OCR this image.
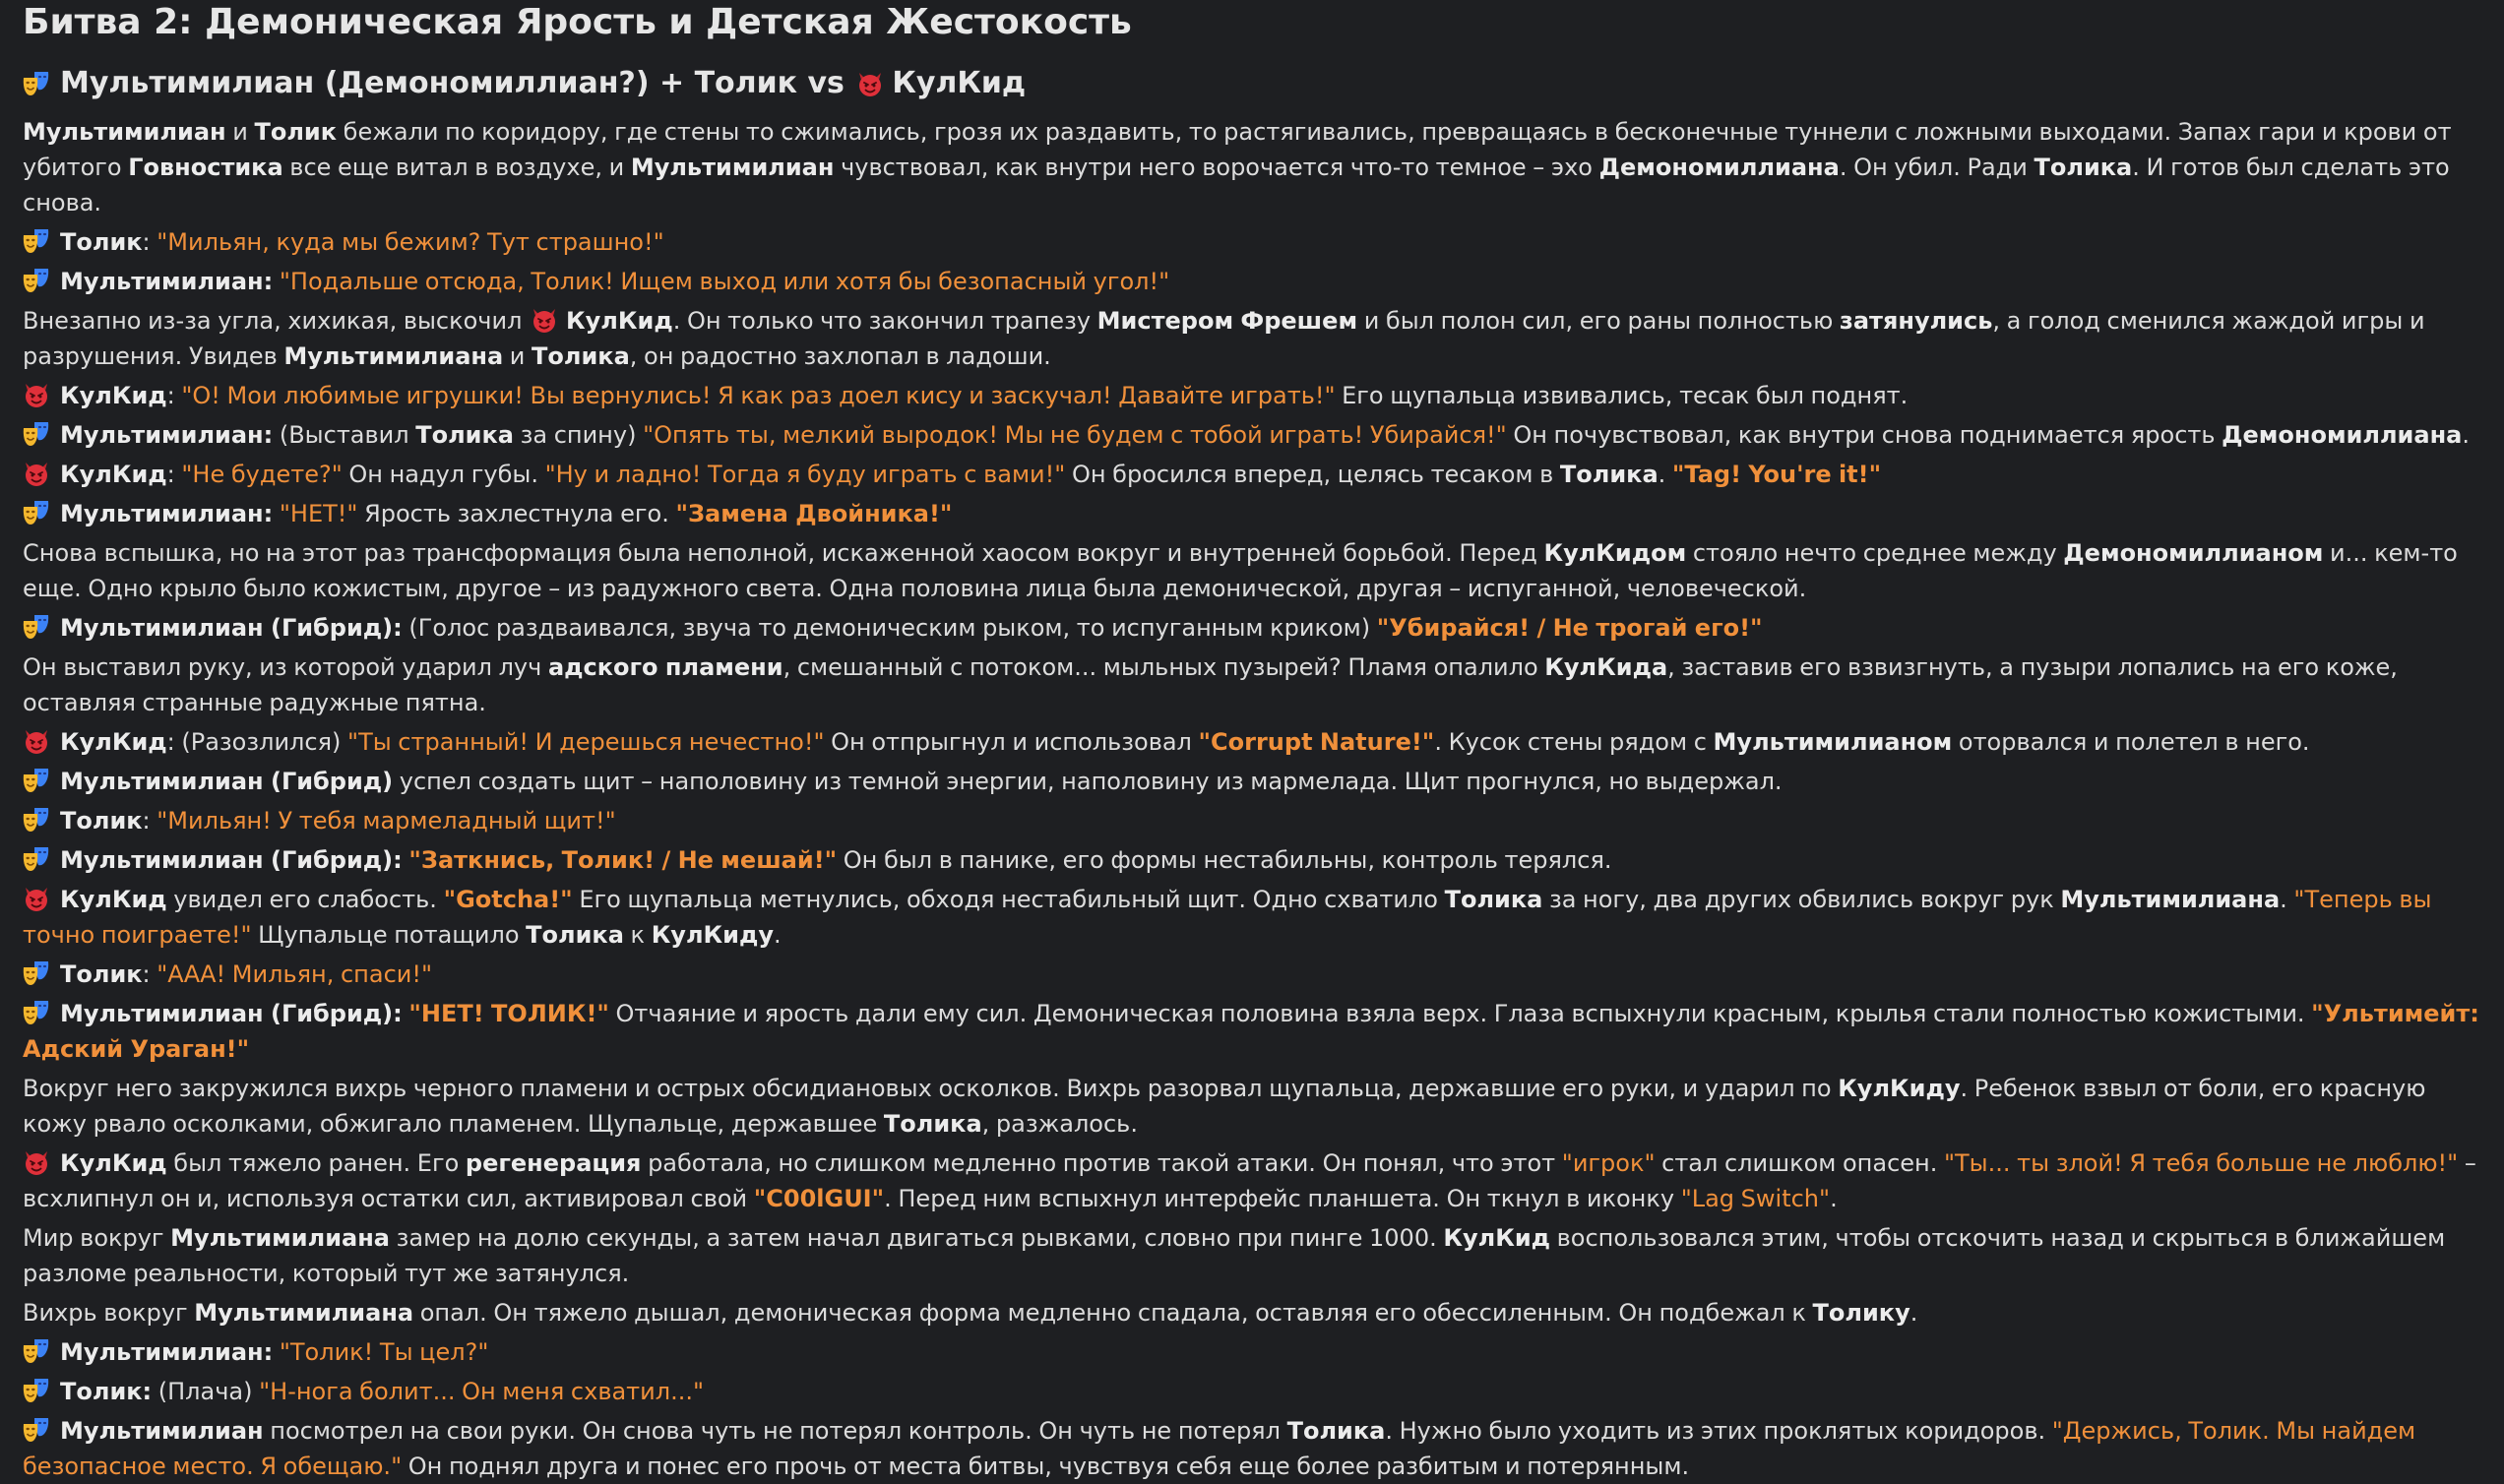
Битва 2: Демоническая Ярость и Детская Жестокость
Мультимилиан (Демономиллиан?) + Толик vs КулКид
Мультимилиан и Толик бежали по коридору, где стены то сжимались, грозя их раздавить, то растягивались, превращаясь в бесконечные туннели с ложными выходами. Запах гари и крови от убитого Говностика все еще витал в воздухе, и Мультимилиан чувствовал, как внутри него ворочается что-то темное – эхо Демономиллиана. Он убил. Ради Толика. И готов был сделать это снова.
Толик: "Мильян, куда мы бежим? Тут страшно!"
Мультимилиан: "Подальше отсюда, Толик! Ищем выход или хотя бы безопасный угол!"
Внезапно из-за угла, хихикая, выскочил КулКид. Он только что закончил трапезу Мистером Фрешем и был полон сил, его раны полностью затянулись, а голод сменился жаждой игры и разрушения. Увидев Мультимилиана и Толика, он радостно захлопал в ладоши.
КулКид: "О! Мои любимые игрушки! Вы вернулись! Я как раз доел кису и заскучал! Давайте играть!" Его щупальца извивались, тесак был поднят.
Мультимилиан: (Выставил Толика за спину) "Опять ты, мелкий выродок! Мы не будем с тобой играть! Убирайся!" Он почувствовал, как внутри снова поднимается ярость Демономиллиана.
КулКид: "Не будете?" Он надул губы. "Ну и ладно! Тогда я буду играть с вами!" Он бросился вперед, целясь тесаком в Толика. "Tag! You're it!"
Мультимилиан: "НЕТ!" Ярость захлестнула его. "Замена Двойника!"
Снова вспышка, но на этот раз трансформация была неполной, искаженной хаосом вокруг и внутренней борьбой. Перед КулКидом стояло нечто среднее между Демономиллианом и... кем-то еще. Одно крыло было кожистым, другое – из радужного света. Одна половина лица была демонической, другая – испуганной, человеческой.
Мультимилиан (Гибрид): (Голос раздваивался, звуча то демоническим рыком, то испуганным криком) "Убирайся! / Не трогай его!"
Он выставил руку, из которой ударил луч адского пламени, смешанный с потоком... мыльных пузырей? Пламя опалило КулКида, заставив его взвизгнуть, а пузыри лопались на его коже, оставляя странные радужные пятна.
КулКид: (Разозлился) "Ты странный! И дерешься нечестно!" Он отпрыгнул и использовал "Corrupt Nature!". Кусок стены рядом с Мультимилианом оторвался и полетел в него.
Мультимилиан (Гибрид) успел создать щит – наполовину из темной энергии, наполовину из мармелада. Щит прогнулся, но выдержал.
Толик: "Мильян! У тебя мармеладный щит!"
Мультимилиан (Гибрид): "Заткнись, Толик! / Не мешай!" Он был в панике, его формы нестабильны, контроль терялся.
КулКид увидел его слабость. "Gotcha!" Его щупальца метнулись, обходя нестабильный щит. Одно схватило Толика за ногу, два других обвились вокруг рук Мультимилиана. "Теперь вы точно поиграете!" Щупальце потащило Толика к КулКиду.
Толик: "ААА! Мильян, спаси!"
Мультимилиан (Гибрид): "НЕТ! ТОЛИК!" Отчаяние и ярость дали ему сил. Демоническая половина взяла верх. Глаза вспыхнули красным, крылья стали полностью кожистыми. "Ультимейт: Адский Ураган!"
Вокруг него закружился вихрь черного пламени и острых обсидиановых осколков. Вихрь разорвал щупальца, державшие его руки, и ударил по КулКиду. Ребенок взвыл от боли, его красную кожу рвало осколками, обжигало пламенем. Щупальце, державшее Толика, разжалось.
КулКид был тяжело ранен. Его регенерация работала, но слишком медленно против такой атаки. Он понял, что этот "игрок" стал слишком опасен. "Ты... ты злой! Я тебя больше не люблю!" – всхлипнул он и, используя остатки сил, активировал свой "C00lGUI". Перед ним вспыхнул интерфейс планшета. Он ткнул в иконку "Lag Switch".
Мир вокруг Мультимилиана замер на долю секунды, а затем начал двигаться рывками, словно при пинге 1000. КулКид воспользовался этим, чтобы отскочить назад и скрыться в ближайшем разломе реальности, который тут же затянулся.
Вихрь вокруг Мультимилиана опал. Он тяжело дышал, демоническая форма медленно спадала, оставляя его обессиленным. Он подбежал к Толику.
Мультимилиан: "Толик! Ты цел?"
Толик: (Плача) "Н-нога болит... Он меня схватил..."
Мультимилиан посмотрел на свои руки. Он снова чуть не потерял контроль. Он чуть не потерял Толика. Нужно было уходить из этих проклятых коридоров. "Держись, Толик. Мы найдем безопасное место. Я обещаю." Он поднял друга и понес его прочь от места битвы, чувствуя себя еще более разбитым и потерянным.
